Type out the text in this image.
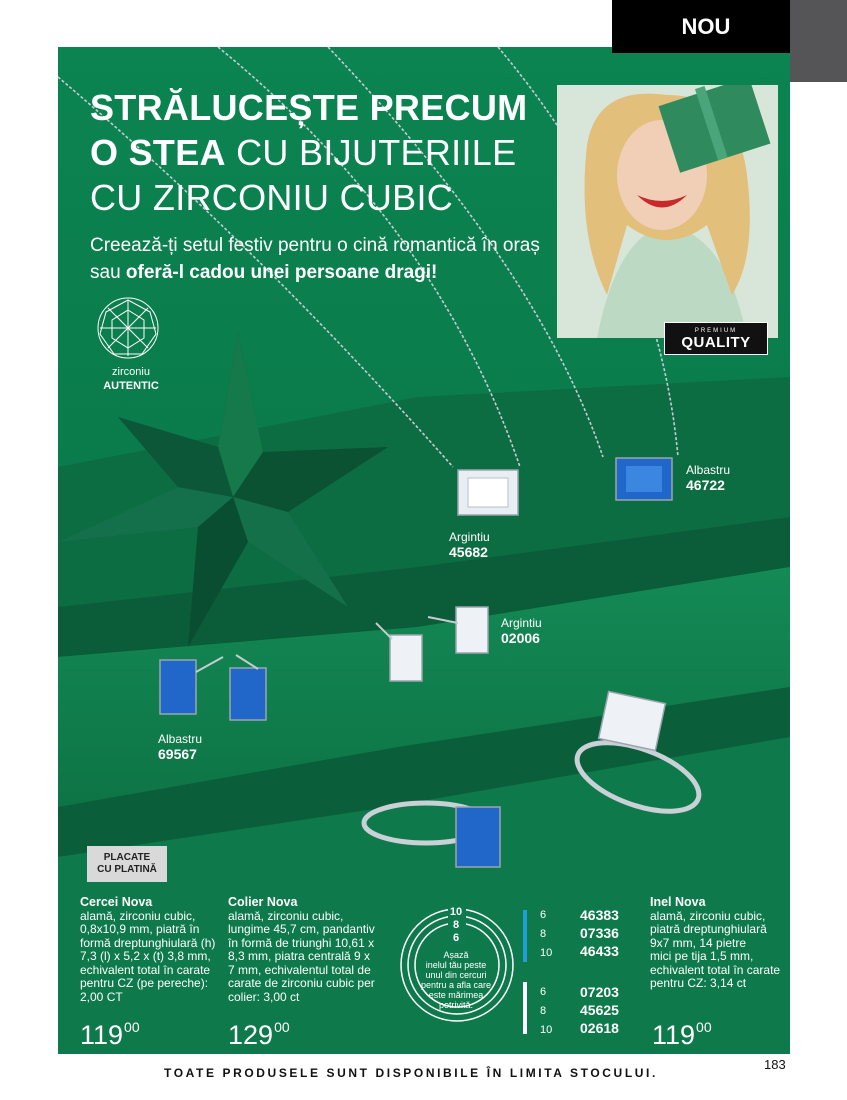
NOU
STRĂLUCEȘTE PRECUM
O STEA CU BIJUTERIILE
CU ZIRCONIU CUBIC
Creează-ți setul festiv pentru o cină romantică în oraș sau oferă-l cadou unei persoane dragi!
PREMIUM
QUALITY
zirconiu
AUTENTIC
Argintiu
45682
Albastru
46722
Argintiu
02006
Albastru
69567
PLACATE
CU PLATINĂ
Cercei Nova
alamă, zirconiu cubic,
0,8x10,9 mm, piatră în
formă dreptunghiulară (h)
7,3 (l) x 5,2 x (t) 3,8 mm,
echivalent total în carate
pentru CZ (pe pereche):
2,00 CT
$119^{00}$
Colier Nova
alamă, zirconiu cubic,
lungime 45,7 cm, pandantiv
în formă de triunghi 10,61 x
8,3 mm, piatra centrală 9 x
7 mm, echivalentul total de
carate de zirconiu cubic per
colier: 3,00 ct
$129^{00}$
Inel Nova
alamă, zirconiu cubic,
piatră dreptunghiulară
9x7 mm, 14 pietre
mici pe tija 1,5 mm,
echivalent total în carate
pentru CZ: 3,14 ct
$119^{00}$
10
8
6
Așază
inelul tău peste
unul din cercuri
pentru a afla care
este mărimea
potrivită.
6
8
10
46383
07336
46433
6
8
10
07203
45625
02618
TOATE PRODUSELE SUNT DISPONIBILE ÎN LIMITA STOCULUI.
183
